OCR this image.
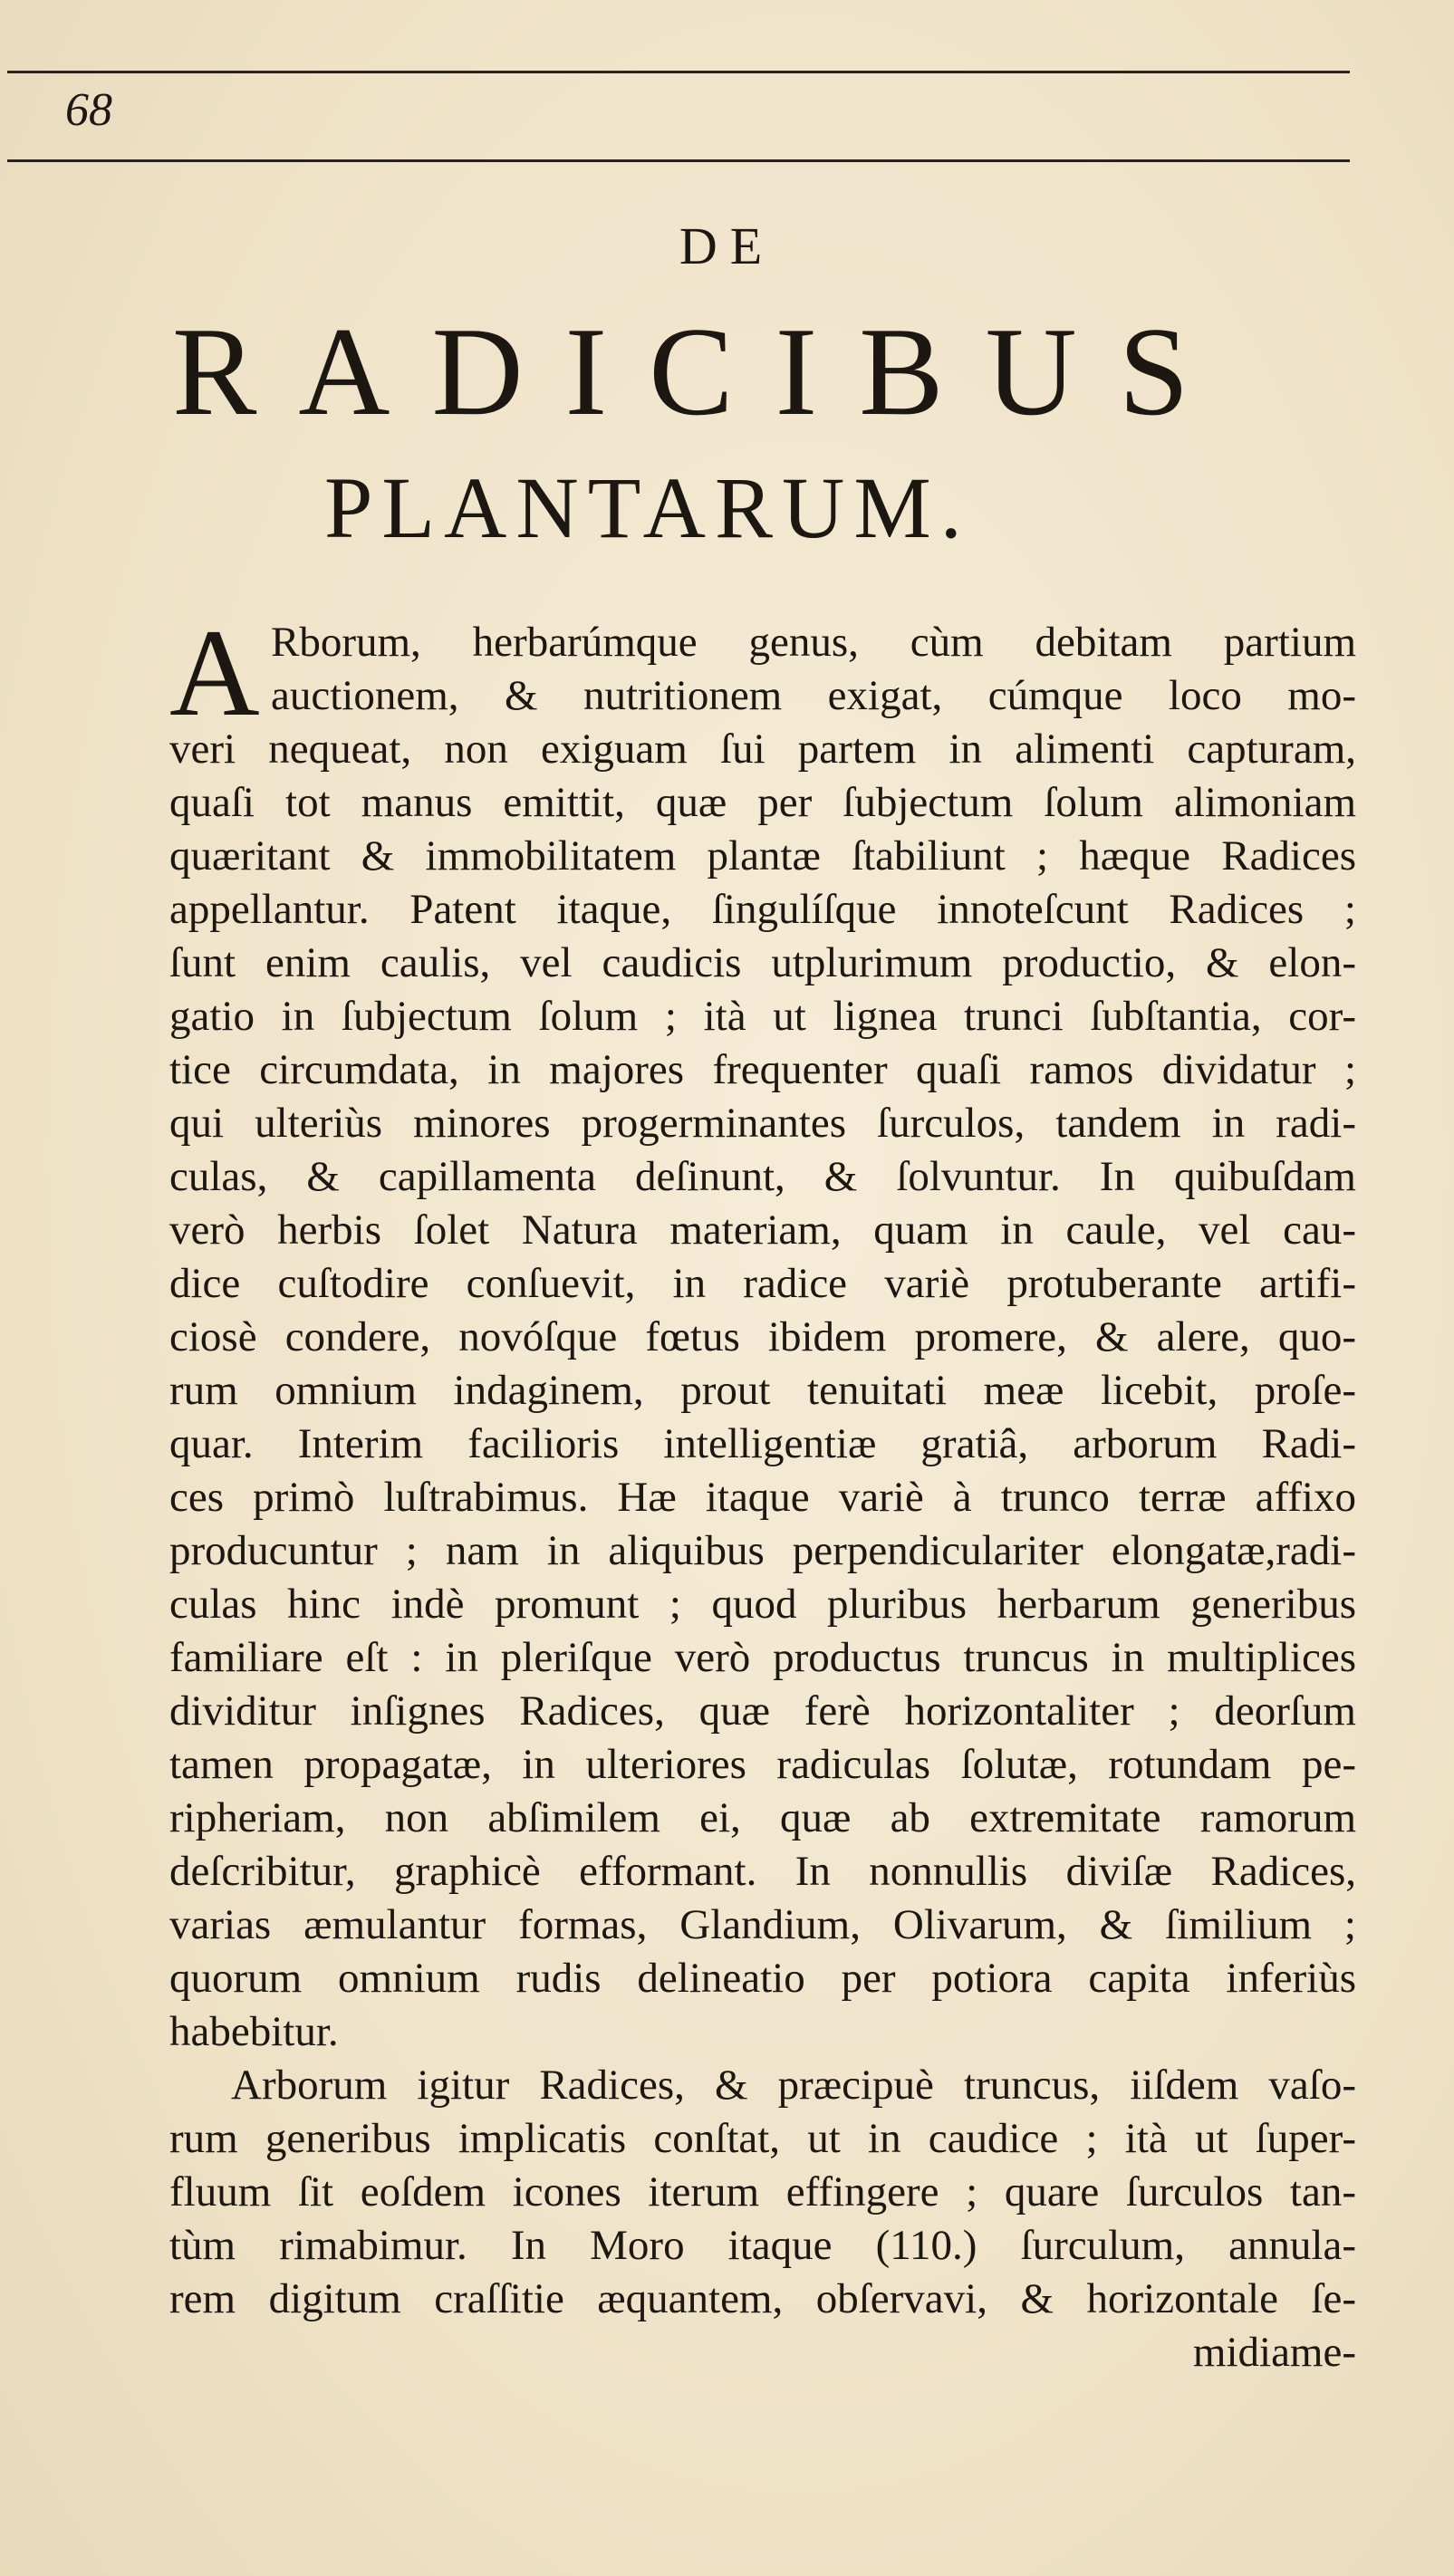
68
DE
RADICIBUS
PLANTARUM.
A Rborum, herbarúmque genus, cùm debitam partium
auctionem, & nutritionem exigat, cúmque loco mo-
veri nequeat, non exiguam ſui partem in alimenti capturam,
quaſi tot manus emittit, quæ per ſubjectum ſolum alimoniam
quæritant & immobilitatem plantæ ſtabiliunt ; hæque Radices
appellantur. Patent itaque, ſingulíſque innoteſcunt Radices ;
ſunt enim caulis, vel caudicis utplurimum productio, & elon-
gatio in ſubjectum ſolum ; ità ut lignea trunci ſubſtantia, cor-
tice circumdata, in majores frequenter quaſi ramos dividatur ;
qui ulteriùs minores progerminantes ſurculos, tandem in radi-
culas, & capillamenta deſinunt, & ſolvuntur. In quibuſdam
verò herbis ſolet Natura materiam, quam in caule, vel cau-
dice cuſtodire conſuevit, in radice variè protuberante artifi-
ciosè condere, novóſque fœtus ibidem promere, & alere, quo-
rum omnium indaginem, prout tenuitati meæ licebit, proſe-
quar. Interim facilioris intelligentiæ gratiâ, arborum Radi-
ces primò luſtrabimus. Hæ itaque variè à trunco terræ affixo
producuntur ; nam in aliquibus perpendiculariter elongatæ,radi-
culas hinc indè promunt ; quod pluribus herbarum generibus
familiare eſt : in pleriſque verò productus truncus in multiplices
dividitur inſignes Radices, quæ ferè horizontaliter ; deorſum
tamen propagatæ, in ulteriores radiculas ſolutæ, rotundam pe-
ripheriam, non abſimilem ei, quæ ab extremitate ramorum
deſcribitur, graphicè efformant. In nonnullis diviſæ Radices,
varias æmulantur formas, Glandium, Olivarum, & ſimilium ;
quorum omnium rudis delineatio per potiora capita inferiùs
habebitur.
Arborum igitur Radices, & præcipuè truncus, iiſdem vaſo-
rum generibus implicatis conſtat, ut in caudice ; ità ut ſuper-
fluum ſit eoſdem icones iterum effingere ; quare ſurculos tan-
tùm rimabimur. In Moro itaque (110.) ſurculum, annula-
rem digitum craſſitie æquantem, obſervavi, & horizontale ſe-
midiame-
